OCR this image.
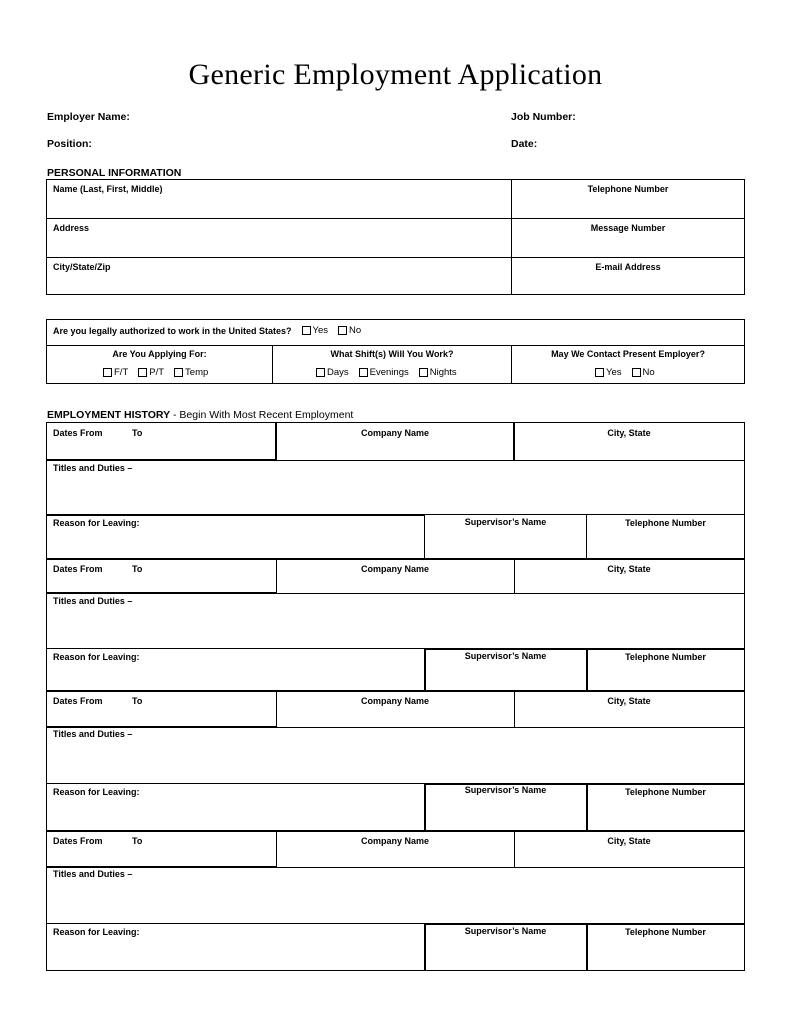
Generic Employment Application
Employer Name:	Job Number:
Position:	Date:
PERSONAL INFORMATION
Name (Last, First, Middle)	Telephone Number
Address	Message Number
City/State/Zip	E-mail Address
Are you legally authorized to work in the United States? Yes No
Are You Applying For:	What Shift(s) Will You Work?	May We Contact Present Employer?
F/T P/T Temp	Days Evenings Nights	Yes No
EMPLOYMENT HISTORY - Begin With Most Recent Employment
Dates From	To	Company Name	City, State
Titles and Duties –
Reason for Leaving:	Supervisor’s Name	Telephone Number
Dates From	To	Company Name	City, State
Titles and Duties –
Reason for Leaving:	Supervisor’s Name	Telephone Number
Dates From	To	Company Name	City, State
Titles and Duties –
Reason for Leaving:	Supervisor’s Name	Telephone Number
Dates From	To	Company Name	City, State
Titles and Duties –
Reason for Leaving:	Supervisor’s Name	Telephone Number
